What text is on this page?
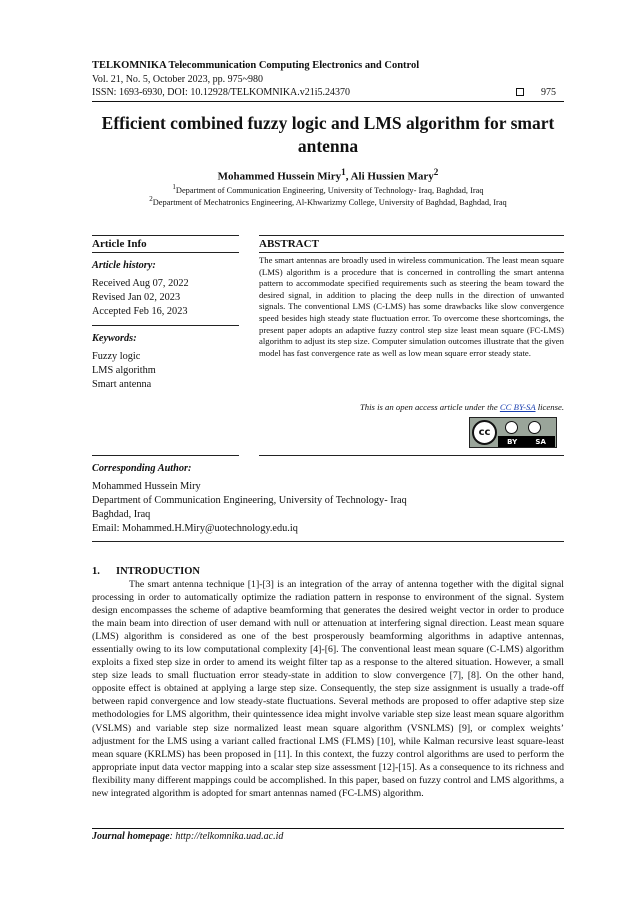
TELKOMNIKA Telecommunication Computing Electronics and Control
Vol. 21, No. 5, October 2023, pp. 975~980
ISSN: 1693-6930, DOI: 10.12928/TELKOMNIKA.v21i5.24370	975
Efficient combined fuzzy logic and LMS algorithm for smart antenna
Mohammed Hussein Miry$^1$, Ali Hussien Mary$^2$
$^1$Department of Communication Engineering, University of Technology- Iraq, Baghdad, Iraq
$^2$Department of Mechatronics Engineering, Al-Khwarizmy College, University of Baghdad, Baghdad, Iraq
Article Info
Article history:
Received Aug 07, 2022
Revised Jan 02, 2023
Accepted Feb 16, 2023
Keywords:
Fuzzy logic
LMS algorithm
Smart antenna
ABSTRACT
The smart antennas are broadly used in wireless communication. The least mean square (LMS) algorithm is a procedure that is concerned in controlling the smart antenna pattern to accommodate specified requirements such as steering the beam toward the desired signal, in addition to placing the deep nulls in the direction of unwanted signals. The conventional LMS (C-LMS) has some drawbacks like slow convergence speed besides high steady state fluctuation error. To overcome these shortcomings, the present paper adopts an adaptive fuzzy control step size least mean square (FC-LMS) algorithm to adjust its step size. Computer simulation outcomes illustrate that the given model has fast convergence rate as well as low mean square error steady state.
This is an open access article under the CC BY-SA license.
cc
BY	SA
Corresponding Author:
Mohammed Hussein Miry
Department of Communication Engineering, University of Technology- Iraq
Baghdad, Iraq
Email: Mohammed.H.Miry@uotechnology.edu.iq
1. INTRODUCTION
The smart antenna technique [1]-[3] is an integration of the array of antenna together with the digital signal processing in order to automatically optimize the radiation pattern in response to environment of the signal. System design encompasses the scheme of adaptive beamforming that generates the desired weight vector in order to produce the main beam into direction of user demand with null or attenuation at interfering signal direction. Least mean square (LMS) algorithm is considered as one of the best prosperously beamforming algorithms in adaptive antennas, essentially owing to its low computational complexity [4]-[6]. The conventional least mean square (C-LMS) algorithm exploits a fixed step size in order to amend its weight filter tap as a response to the altered situation. However, a small step size leads to small fluctuation error steady-state in addition to slow convergence [7], [8]. On the other hand, opposite effect is obtained at applying a large step size. Consequently, the step size assignment is usually a trade-off between rapid convergence and low steady-state fluctuations. Several methods are proposed to offer adaptive step size methodologies for LMS algorithm, their quintessence idea might involve variable step size least mean square algorithm (VSLMS) and variable step size normalized least mean square algorithm (VSNLMS) [9], or complex weights’ adjustment for the LMS using a variant called fractional LMS (FLMS) [10], while Kalman recursive least square-least mean square (KRLMS) has been proposed in [11]. In this context, the fuzzy control algorithms are used to perform the appropriate input data vector mapping into a scalar step size assessment [12]-[15]. As a consequence to its richness and flexibility many different mappings could be accomplished. In this paper, based on fuzzy control and LMS algorithms, a new integrated algorithm is adopted for smart antennas named (FC-LMS) algorithm.
Journal homepage: http://telkomnika.uad.ac.id
